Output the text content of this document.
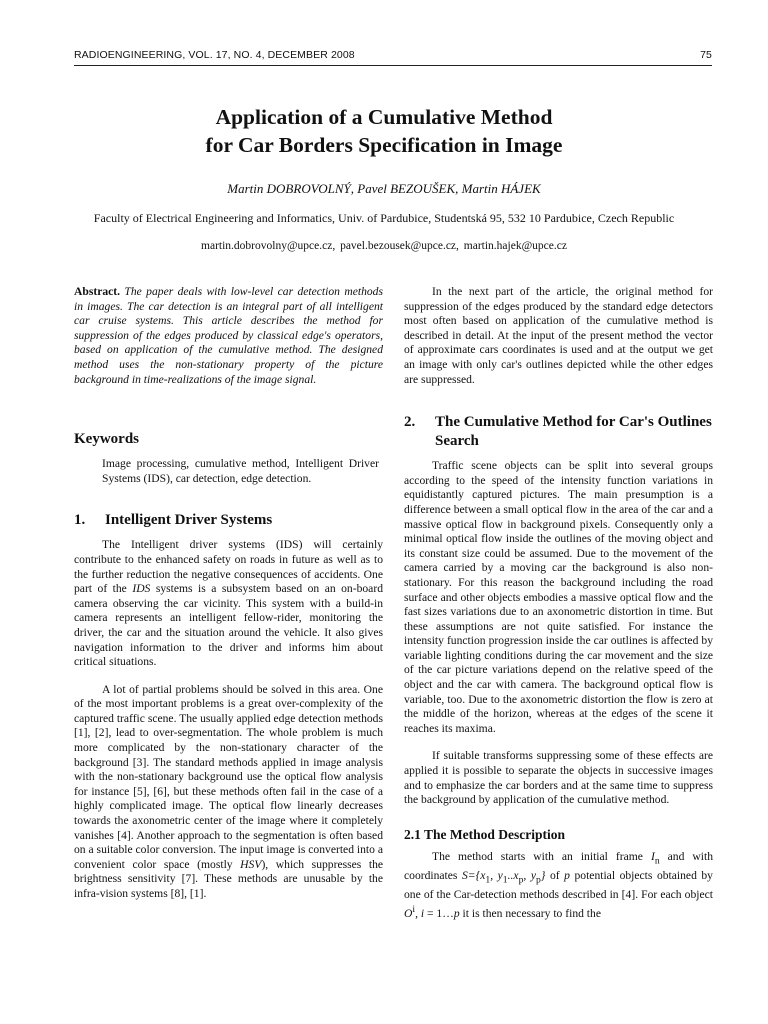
RADIOENGINEERING, VOL. 17, NO. 4, DECEMBER 2008	75
Application of a Cumulative Method
for Car Borders Specification in Image
Martin DOBROVOLNÝ, Pavel BEZOUŠEK, Martin HÁJEK
Faculty of Electrical Engineering and Informatics, Univ. of Pardubice, Studentská 95, 532 10 Pardubice, Czech Republic
martin.dobrovolny@upce.cz, pavel.bezousek@upce.cz, martin.hajek@upce.cz

Abstract. The paper deals with low-level car detection methods in images. The car detection is an integral part of all intelligent car cruise systems. This article describes the method for suppression of the edges produced by classical edge's operators, based on application of the cumulative method. The designed method uses the non-stationary property of the picture background in time-realizations of the image signal.

Keywords

Image processing, cumulative method, Intelligent Driver Systems (IDS), car detection, edge detection.

1.	Intelligent Driver Systems

The Intelligent driver systems (IDS) will certainly contribute to the enhanced safety on roads in future as well as to the further reduction the negative consequences of accidents. One part of the IDS systems is a subsystem based on an on-board camera observing the car vicinity. This system with a build-in camera represents an intelligent fellow-rider, monitoring the driver, the car and the situation around the vehicle. It also gives navigation information to the driver and informs him about critical situations.

A lot of partial problems should be solved in this area. One of the most important problems is a great over-complexity of the captured traffic scene. The usually applied edge detection methods [1], [2], lead to over-segmentation. The whole problem is much more complicated by the non-stationary character of the background [3]. The standard methods applied in image analysis with the non-stationary background use the optical flow analysis for instance [5], [6], but these methods often fail in the case of a highly complicated image. The optical flow linearly decreases towards the axonometric center of the image where it completely vanishes [4]. Another approach to the segmentation is often based on a suitable color conversion. The input image is converted into a convenient color space (mostly HSV), which suppresses the brightness sensitivity [7]. These methods are unusable by the infra-vision systems [8], [1].

In the next part of the article, the original method for suppression of the edges produced by the standard edge detectors most often based on application of the cumulative method is described in detail. At the input of the present method the vector of approximate cars coordinates is used and at the output we get an image with only car's outlines depicted while the other edges are suppressed.

2.	The Cumulative Method for Car's Outlines Search

Traffic scene objects can be split into several groups according to the speed of the intensity function variations in equidistantly captured pictures. The main presumption is a difference between a small optical flow in the area of the car and a massive optical flow in background pixels. Consequently only a minimal optical flow inside the outlines of the moving object and its constant size could be assumed. Due to the movement of the camera carried by a moving car the background is also non-stationary. For this reason the background including the road surface and other objects embodies a massive optical flow and the fast sizes variations due to an axonometric distortion in time. But these assumptions are not quite satisfied. For instance the intensity function progression inside the car outlines is affected by variable lighting conditions during the car movement and the size of the car picture variations depend on the relative speed of the object and the car with camera. The background optical flow is variable, too. Due to the axonometric distortion the flow is zero at the middle of the horizon, whereas at the edges of the scene it reaches its maxima.

If suitable transforms suppressing some of these effects are applied it is possible to separate the objects in successive images and to emphasize the car borders and at the same time to suppress the background by application of the cumulative method.

2.1 The Method Description

The method starts with an initial frame $I_n$ and with coordinates $S=\{x_1$, $y_1..x_p$, $y_p$} of p potential objects obtained by one of the Car-detection methods described in [4]. For each object $O^i$, i = 1…p it is then necessary to find the
